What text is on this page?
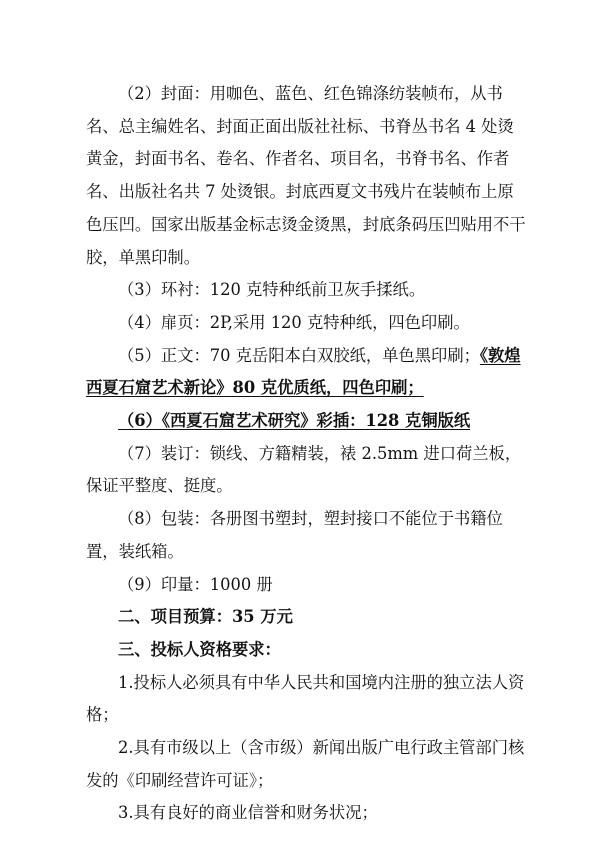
（2）封面：用咖色、蓝色、红色锦涤纺装帧布，从书名、总主编姓名、封面正面出版社社标、书脊丛书名 4 处烫黄金，封面书名、卷名、作者名、项目名，书脊书名、作者名、出版社名共 7 处烫银。封底西夏文书残片在装帧布上原色压凹。国家出版基金标志烫金烫黑，封底条码压凹贴用不干胶，单黑印制。

（3）环衬：120 克特种纸前卫灰手揉纸。

（4）扉页：2P,采用 120 克特种纸，四色印刷。

（5）正文：70 克岳阳本白双胶纸，单色黑印刷；《敦煌西夏石窟艺术新论》80 克优质纸，四色印刷；

（6）《西夏石窟艺术研究》彩插：128 克铜版纸

（7）装订：锁线、方籍精装，裱 2.5mm 进口荷兰板，保证平整度、挺度。

（8）包装：各册图书塑封，塑封接口不能位于书籍位置，装纸箱。

（9）印量：1000 册

二、项目预算：35 万元

三、投标人资格要求：

1.投标人必须具有中华人民共和国境内注册的独立法人资格；

2.具有市级以上（含市级）新闻出版广电行政主管部门核发的《印刷经营许可证》；

3.具有良好的商业信誉和财务状况；
